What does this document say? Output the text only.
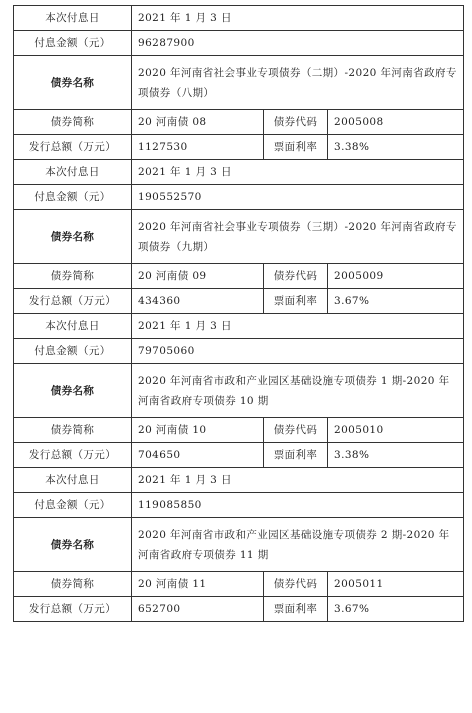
本次付息日	2021 年 1 月 3 日		
付息金额（元）	96287900		
债券名称	2020 年河南省社会事业专项债券（二期）-2020 年河南省政府专项债券（八期）		
债券简称	20 河南债 08	债券代码	2005008
发行总额（万元）	1127530	票面利率	3.38%
本次付息日	2021 年 1 月 3 日		
付息金额（元）	190552570		
债券名称	2020 年河南省社会事业专项债券（三期）-2020 年河南省政府专项债券（九期）		
债券简称	20 河南债 09	债券代码	2005009
发行总额（万元）	434360	票面利率	3.67%
本次付息日	2021 年 1 月 3 日		
付息金额（元）	79705060		
债券名称	2020 年河南省市政和产业园区基础设施专项债券 1 期-2020 年河南省政府专项债券 10 期		
债券简称	20 河南债 10	债券代码	2005010
发行总额（万元）	704650	票面利率	3.38%
本次付息日	2021 年 1 月 3 日		
付息金额（元）	119085850		
债券名称	2020 年河南省市政和产业园区基础设施专项债券 2 期-2020 年河南省政府专项债券 11 期		
债券简称	20 河南债 11	债券代码	2005011
发行总额（万元）	652700	票面利率	3.67%
